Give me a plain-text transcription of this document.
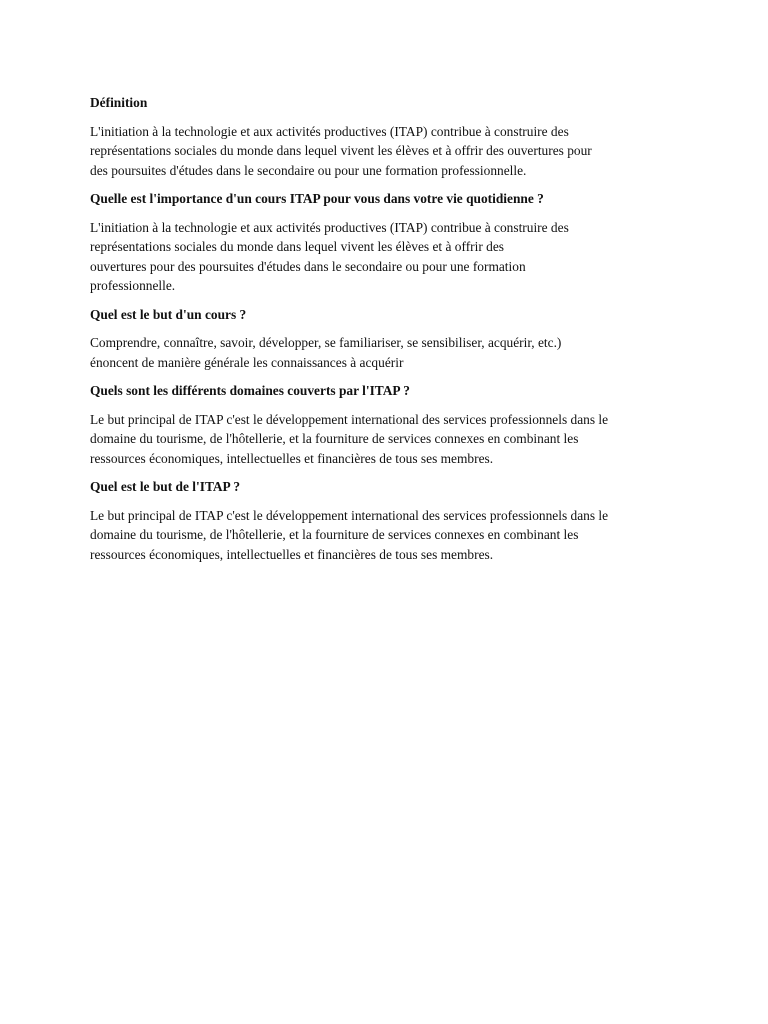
Définition
L'initiation à la technologie et aux activités productives (ITAP) contribue à construire des
représentations sociales du monde dans lequel vivent les élèves et à offrir des ouvertures pour
des poursuites d'études dans le secondaire ou pour une formation professionnelle.
Quelle est l'importance d'un cours ITAP pour vous dans votre vie quotidienne ?
L'initiation à la technologie et aux activités productives (ITAP) contribue à construire des
représentations sociales du monde dans lequel vivent les élèves et à offrir des
ouvertures pour des poursuites d'études dans le secondaire ou pour une formation
professionnelle.
Quel est le but d'un cours ?
Comprendre, connaître, savoir, développer, se familiariser, se sensibiliser, acquérir, etc.)
énoncent de manière générale les connaissances à acquérir
Quels sont les différents domaines couverts par l'ITAP ?
Le but principal de ITAP c'est le développement international des services professionnels dans le
domaine du tourisme, de l'hôtellerie, et la fourniture de services connexes en combinant les
ressources économiques, intellectuelles et financières de tous ses membres.
Quel est le but de l'ITAP ?
Le but principal de ITAP c'est le développement international des services professionnels dans le
domaine du tourisme, de l'hôtellerie, et la fourniture de services connexes en combinant les
ressources économiques, intellectuelles et financières de tous ses membres.
